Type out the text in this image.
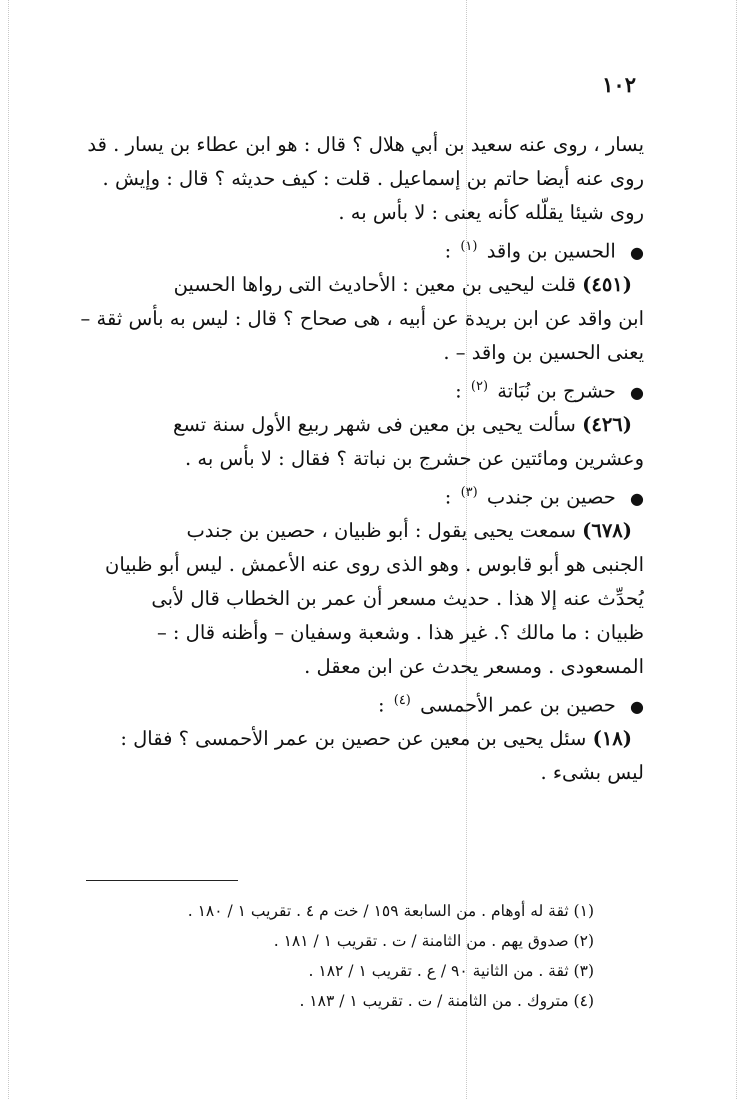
١٠٢
يسار ، روى عنه سعيد بن أبي هلال ؟ قال : هو ابن عطاء بن يسار . قد
روى عنه أيضا حاتم بن إسماعيل . قلت : كيف حديثه ؟ قال : وإيش .
روى شيئا يقلّله كأنه يعنى : لا بأس به .
● الحسين بن واقد $^{(١)}$ :
(٤٥١) قلت ليحيى بن معين : الأحاديث التى رواها الحسين
ابن واقد عن ابن بريدة عن أبيه ، هى صحاح ؟ قال : ليس به بأس ثقة –
يعنى الحسين بن واقد – .
● حشرج بن نُبَاتة $^{(٢)}$ :
(٤٢٦) سألت يحيى بن معين فى شهر ربيع الأول سنة تسع
وعشرين ومائتين عن حشرج بن نباتة ؟ فقال : لا بأس به .
● حصين بن جندب $^{(٣)}$ :
(٦٧٨) سمعت يحيى يقول : أبو ظبيان ، حصين بن جندب
الجنبى هو أبو قابوس . وهو الذى روى عنه الأعمش . ليس أبو ظبيان
يُحدِّث عنه إلا هذا . حديث مسعر أن عمر بن الخطاب قال لأبى
ظبيان : ما مالك ؟. غير هذا . وشعبة وسفيان – وأظنه قال : –
المسعودى . ومسعر يحدث عن ابن معقل .
● حصين بن عمر الأحمسى $^{(٤)}$ :
(١٨) سئل يحيى بن معين عن حصين بن عمر الأحمسى ؟ فقال :
ليس بشىء .
(١) ثقة له أوهام . من السابعة ١٥٩ / خت م ٤ . تقريب ١ / ١٨٠ .
(٢) صدوق يهم . من الثامنة / ت . تقريب ١ / ١٨١ .
(٣) ثقة . من الثانية ٩٠ / ع . تقريب ١ / ١٨٢ .
(٤) متروك . من الثامنة / ت . تقريب ١ / ١٨٣ .
